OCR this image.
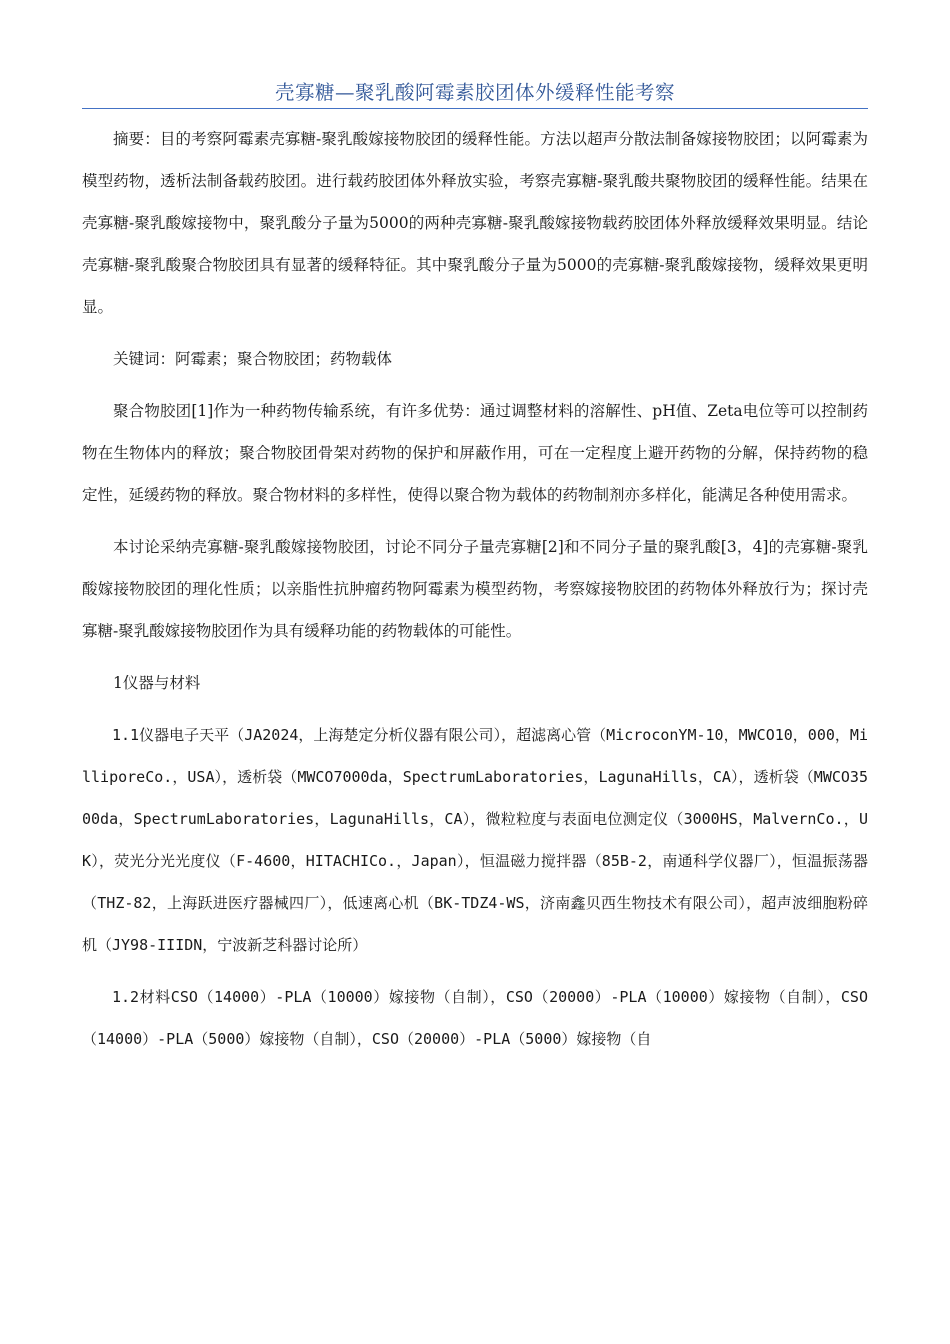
壳寡糖—聚乳酸阿霉素胶团体外缓释性能考察

摘要：目的考察阿霉素壳寡糖-聚乳酸嫁接物胶团的缓释性能。方法以超声分散法制备嫁接物胶团；以阿霉素为模型药物，透析法制备载药胶团。进行载药胶团体外释放实验，考察壳寡糖-聚乳酸共聚物胶团的缓释性能。结果在壳寡糖-聚乳酸嫁接物中，聚乳酸分子量为5000的两种壳寡糖-聚乳酸嫁接物载药胶团体外释放缓释效果明显。结论壳寡糖-聚乳酸聚合物胶团具有显著的缓释特征。其中聚乳酸分子量为5000的壳寡糖-聚乳酸嫁接物，缓释效果更明显。

关键词：阿霉素；聚合物胶团；药物载体

聚合物胶团[1]作为一种药物传输系统，有许多优势：通过调整材料的溶解性、pH值、Zeta电位等可以控制药物在生物体内的释放；聚合物胶团骨架对药物的保护和屏蔽作用，可在一定程度上避开药物的分解，保持药物的稳定性，延缓药物的释放。聚合物材料的多样性，使得以聚合物为载体的药物制剂亦多样化，能满足各种使用需求。

本讨论采纳壳寡糖-聚乳酸嫁接物胶团，讨论不同分子量壳寡糖[2]和不同分子量的聚乳酸[3，4]的壳寡糖-聚乳酸嫁接物胶团的理化性质；以亲脂性抗肿瘤药物阿霉素为模型药物，考察嫁接物胶团的药物体外释放行为；探讨壳寡糖-聚乳酸嫁接物胶团作为具有缓释功能的药物载体的可能性。

1仪器与材料

1.1仪器电子天平（JA2024，上海楚定分析仪器有限公司），超滤离心管（MicroconYM-10，MWCO10，000，MilliporeCo.，USA），透析袋（MWCO7000da，SpectrumLaboratories，LagunaHills，CA），透析袋（MWCO3500da，SpectrumLaboratories，LagunaHills，CA），微粒粒度与表面电位测定仪（3000HS，MalvernCo.，UK），荧光分光光度仪（F-4600，HITACHICo.，Japan），恒温磁力搅拌器（85B-2，南通科学仪器厂），恒温振荡器（THZ-82，上海跃进医疗器械四厂），低速离心机（BK-TDZ4-WS，济南鑫贝西生物技术有限公司），超声波细胞粉碎机（JY98-IIIDN，宁波新芝科器讨论所）

1.2材料CSO（14000）-PLA（10000）嫁接物（自制），CSO（20000）-PLA（10000）嫁接物（自制），CSO（14000）-PLA（5000）嫁接物（自制），CSO（20000）-PLA（5000）嫁接物（自
